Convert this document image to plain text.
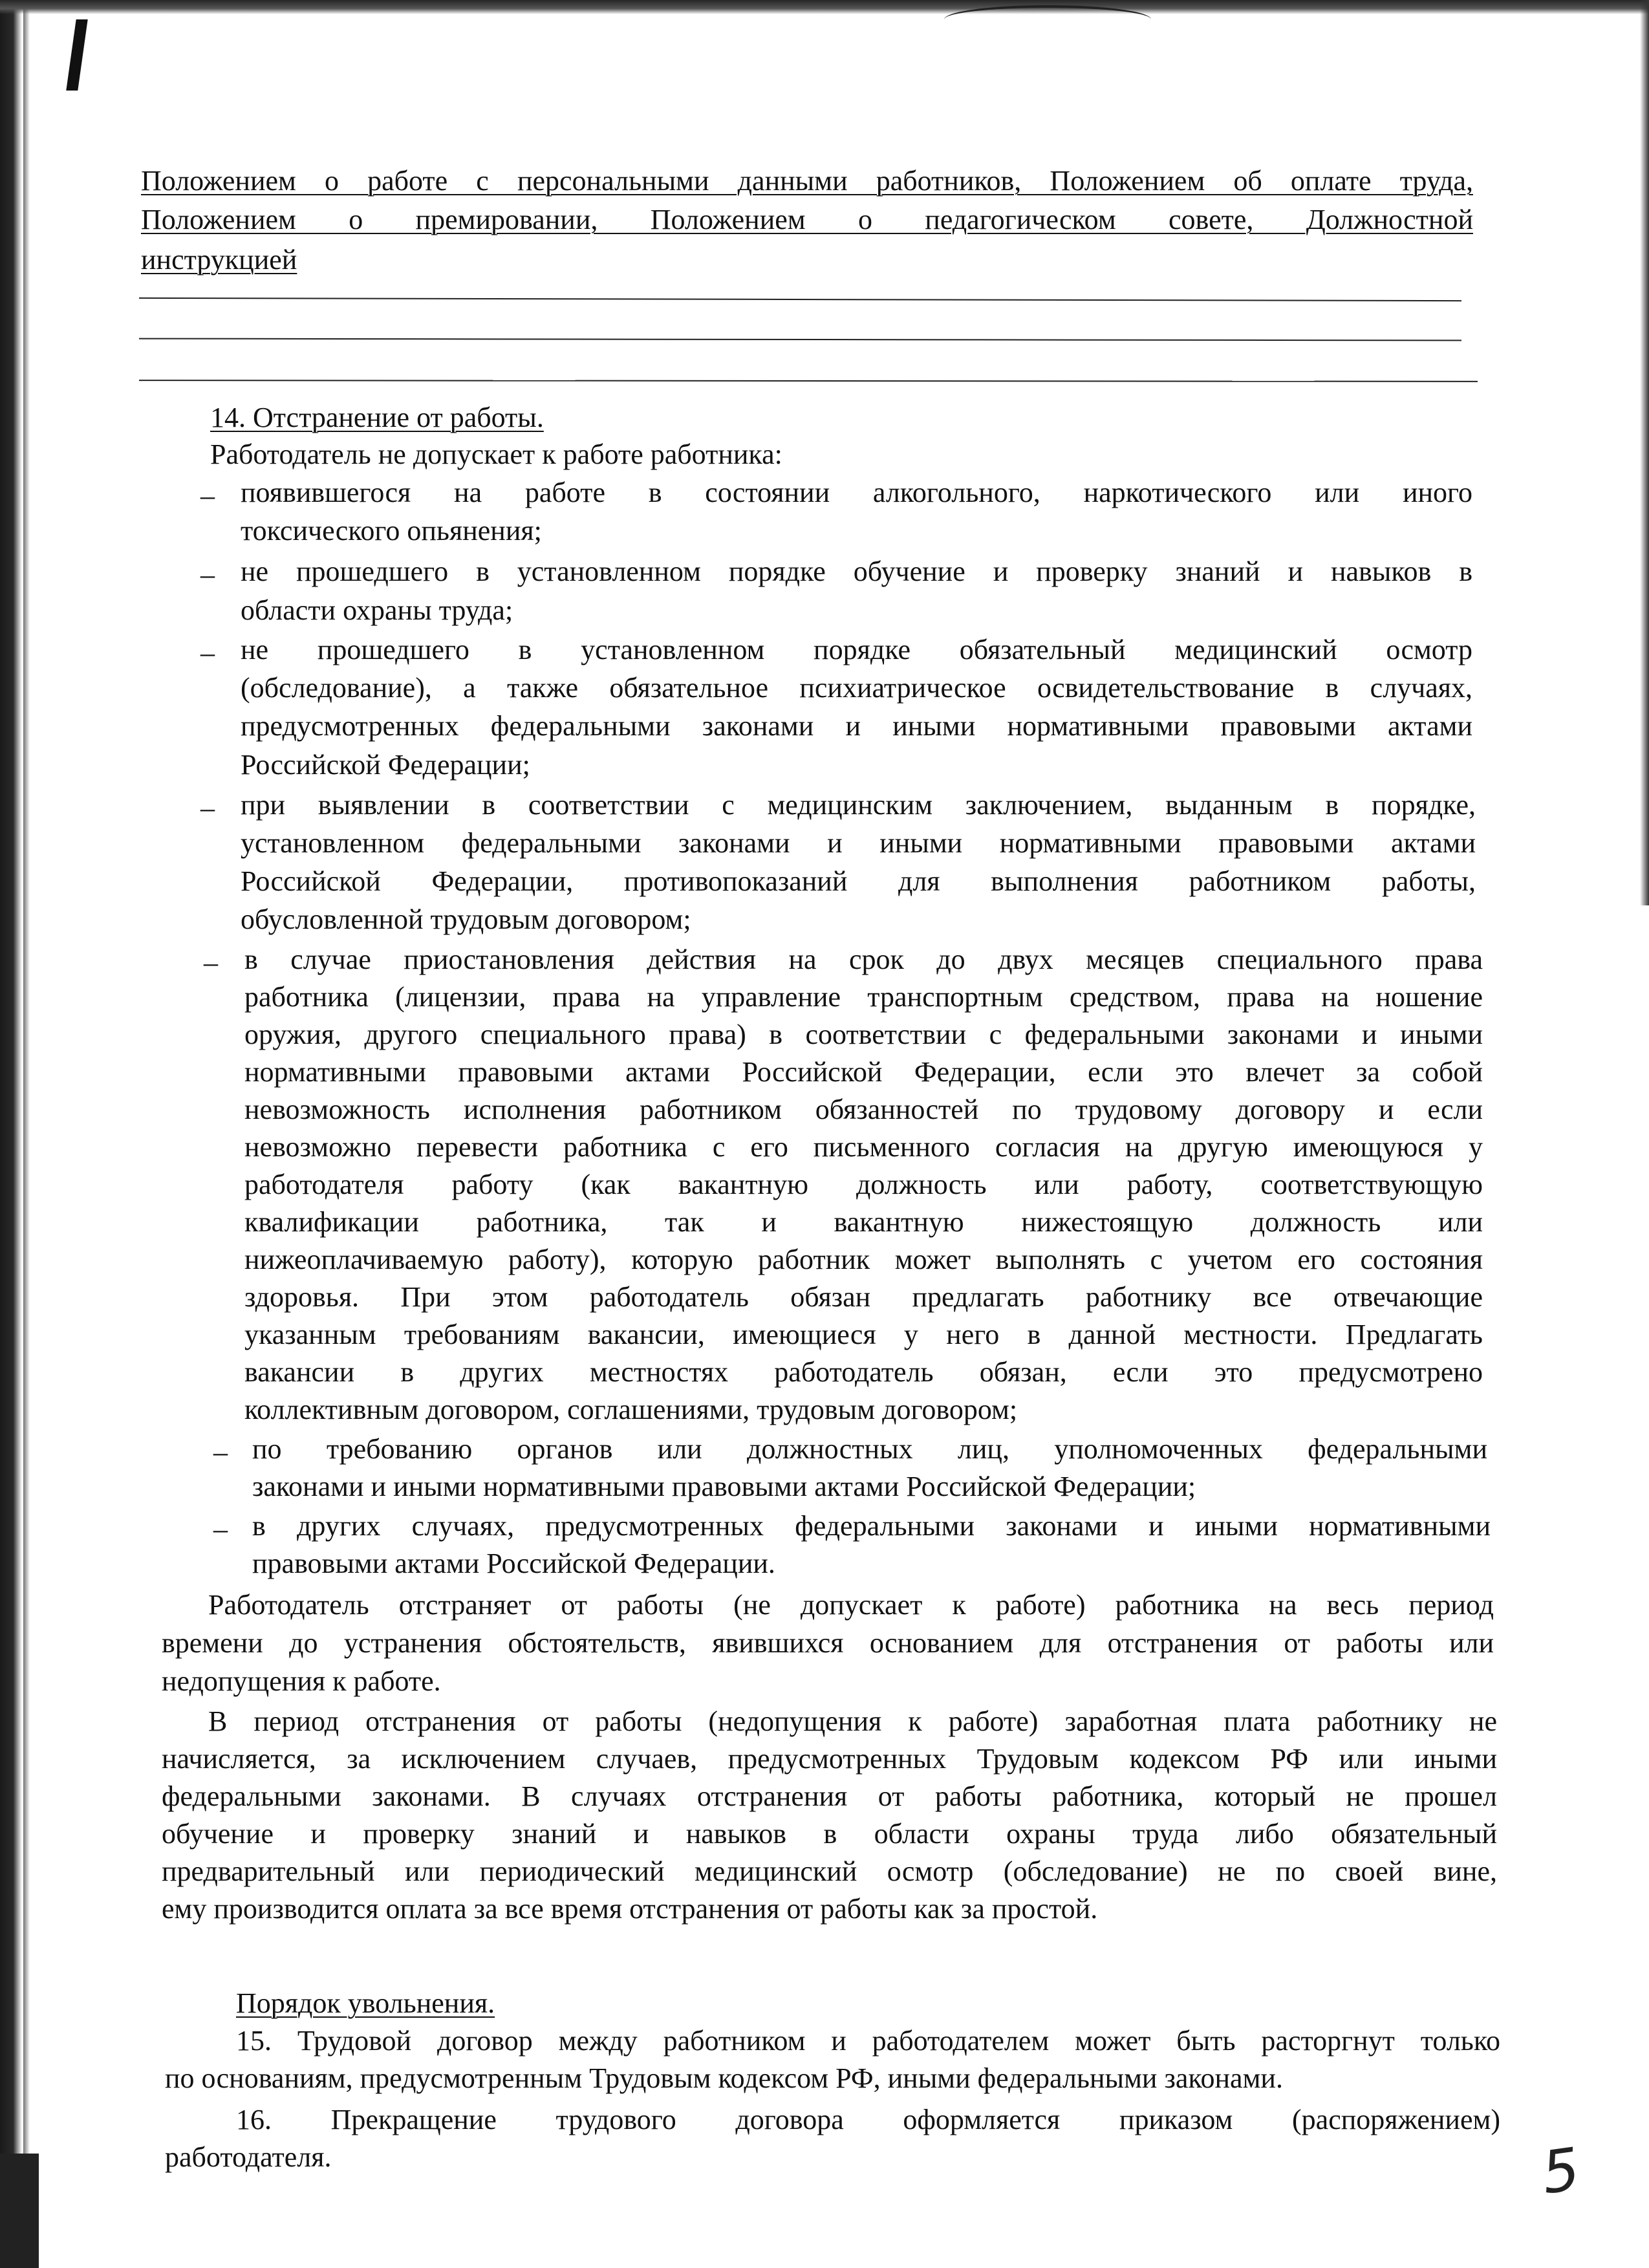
Положением о работе с персональными данными работников, Положением об оплате труда,
Положением о премировании, Положением о педагогическом совете, Должностной
инструкцией
14. Отстранение от работы.
Работодатель не допускает к работе работника:
– появившегося на работе в состоянии алкогольного, наркотического или иного
токсического опьянения;
– не прошедшего в установленном порядке обучение и проверку знаний и навыков в
области охраны труда;
– не прошедшего в установленном порядке обязательный медицинский осмотр
(обследование), а также обязательное психиатрическое освидетельствование в случаях,
предусмотренных федеральными законами и иными нормативными правовыми актами
Российской Федерации;
– при выявлении в соответствии с медицинским заключением, выданным в порядке,
установленном федеральными законами и иными нормативными правовыми актами
Российской Федерации, противопоказаний для выполнения работником работы,
обусловленной трудовым договором;
– в случае приостановления действия на срок до двух месяцев специального права
работника (лицензии, права на управление транспортным средством, права на ношение
оружия, другого специального права) в соответствии с федеральными законами и иными
нормативными правовыми актами Российской Федерации, если это влечет за собой
невозможность исполнения работником обязанностей по трудовому договору и если
невозможно перевести работника с его письменного согласия на другую имеющуюся у
работодателя работу (как вакантную должность или работу, соответствующую
квалификации работника, так и вакантную нижестоящую должность или
нижеоплачиваемую работу), которую работник может выполнять с учетом его состояния
здоровья. При этом работодатель обязан предлагать работнику все отвечающие
указанным требованиям вакансии, имеющиеся у него в данной местности. Предлагать
вакансии в других местностях работодатель обязан, если это предусмотрено
коллективным договором, соглашениями, трудовым договором;
– по требованию органов или должностных лиц, уполномоченных федеральными
законами и иными нормативными правовыми актами Российской Федерации;
– в других случаях, предусмотренных федеральными законами и иными нормативными
правовыми актами Российской Федерации.
Работодатель отстраняет от работы (не допускает к работе) работника на весь период
времени до устранения обстоятельств, явившихся основанием для отстранения от работы или
недопущения к работе.
В период отстранения от работы (недопущения к работе) заработная плата работнику не
начисляется, за исключением случаев, предусмотренных Трудовым кодексом РФ или иными
федеральными законами. В случаях отстранения от работы работника, который не прошел
обучение и проверку знаний и навыков в области охраны труда либо обязательный
предварительный или периодический медицинский осмотр (обследование) не по своей вине,
ему производится оплата за все время отстранения от работы как за простой.
Порядок увольнения.
15. Трудовой договор между работником и работодателем может быть расторгнут только
по основаниям, предусмотренным Трудовым кодексом РФ, иными федеральными законами.
16. Прекращение трудового договора оформляется приказом (распоряжением)
работодателя.	5
